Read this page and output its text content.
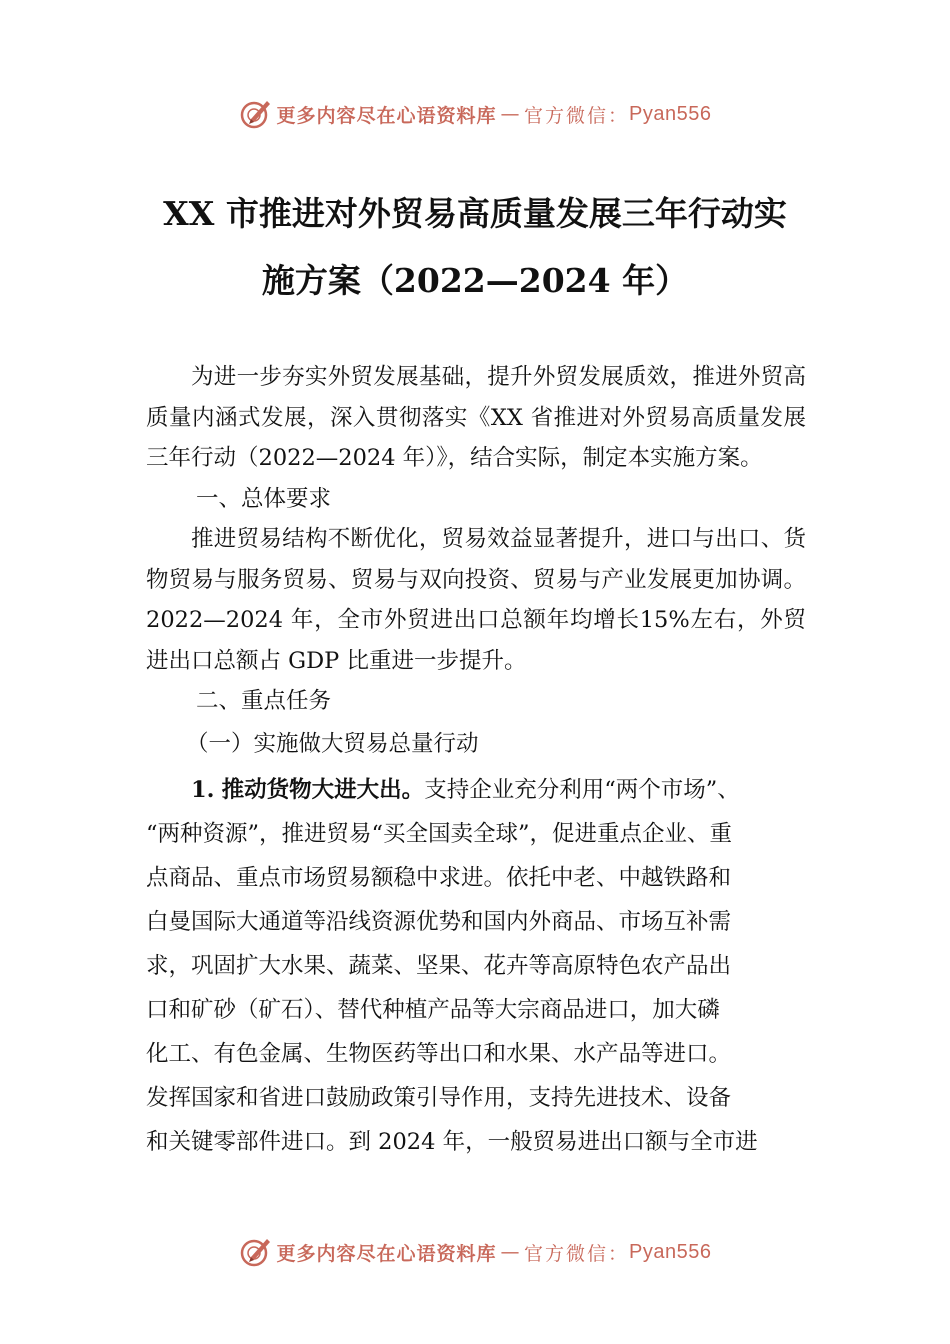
更多内容尽在心语资料库 — 官方微信： Pyan556
XX 市推进对外贸易高质量发展三年行动实
施方案（2022—2024 年）

为进一步夯实外贸发展基础，提升外贸发展质效，推进外贸高质量内涵式发展，深入贯彻落实《XX 省推进对外贸易高质量发展三年行动（2022—2024 年）》，结合实际，制定本实施方案。

一、总体要求

推进贸易结构不断优化，贸易效益显著提升，进口与出口、货物贸易与服务贸易、贸易与双向投资、贸易与产业发展更加协调。2022—2024 年，全市外贸进出口总额年均增长15%左右，外贸进出口总额占 GDP 比重进一步提升。

二、重点任务

（一）实施做大贸易总量行动

　　1. 推动货物大进大出。支持企业充分利用“两个市场”、
“两种资源”，推进贸易“买全国卖全球”，促进重点企业、重
点商品、重点市场贸易额稳中求进。依托中老、中越铁路和
⽩曼国际大通道等沿线资源优势和国内外商品、市场互补需
求，巩固扩大水果、蔬菜、坚果、花卉等高原特色农产品出
口和矿砂（矿石）、替代种植产品等大宗商品进口，加大磷
化工、有色金属、生物医药等出口和水果、水产品等进口。
发挥国家和省进口鼓励政策引导作用，支持先进技术、设备
和关键零部件进口。到 2024 年，一般贸易进出口额与全市进

更多内容尽在心语资料库 — 官方微信： Pyan556
